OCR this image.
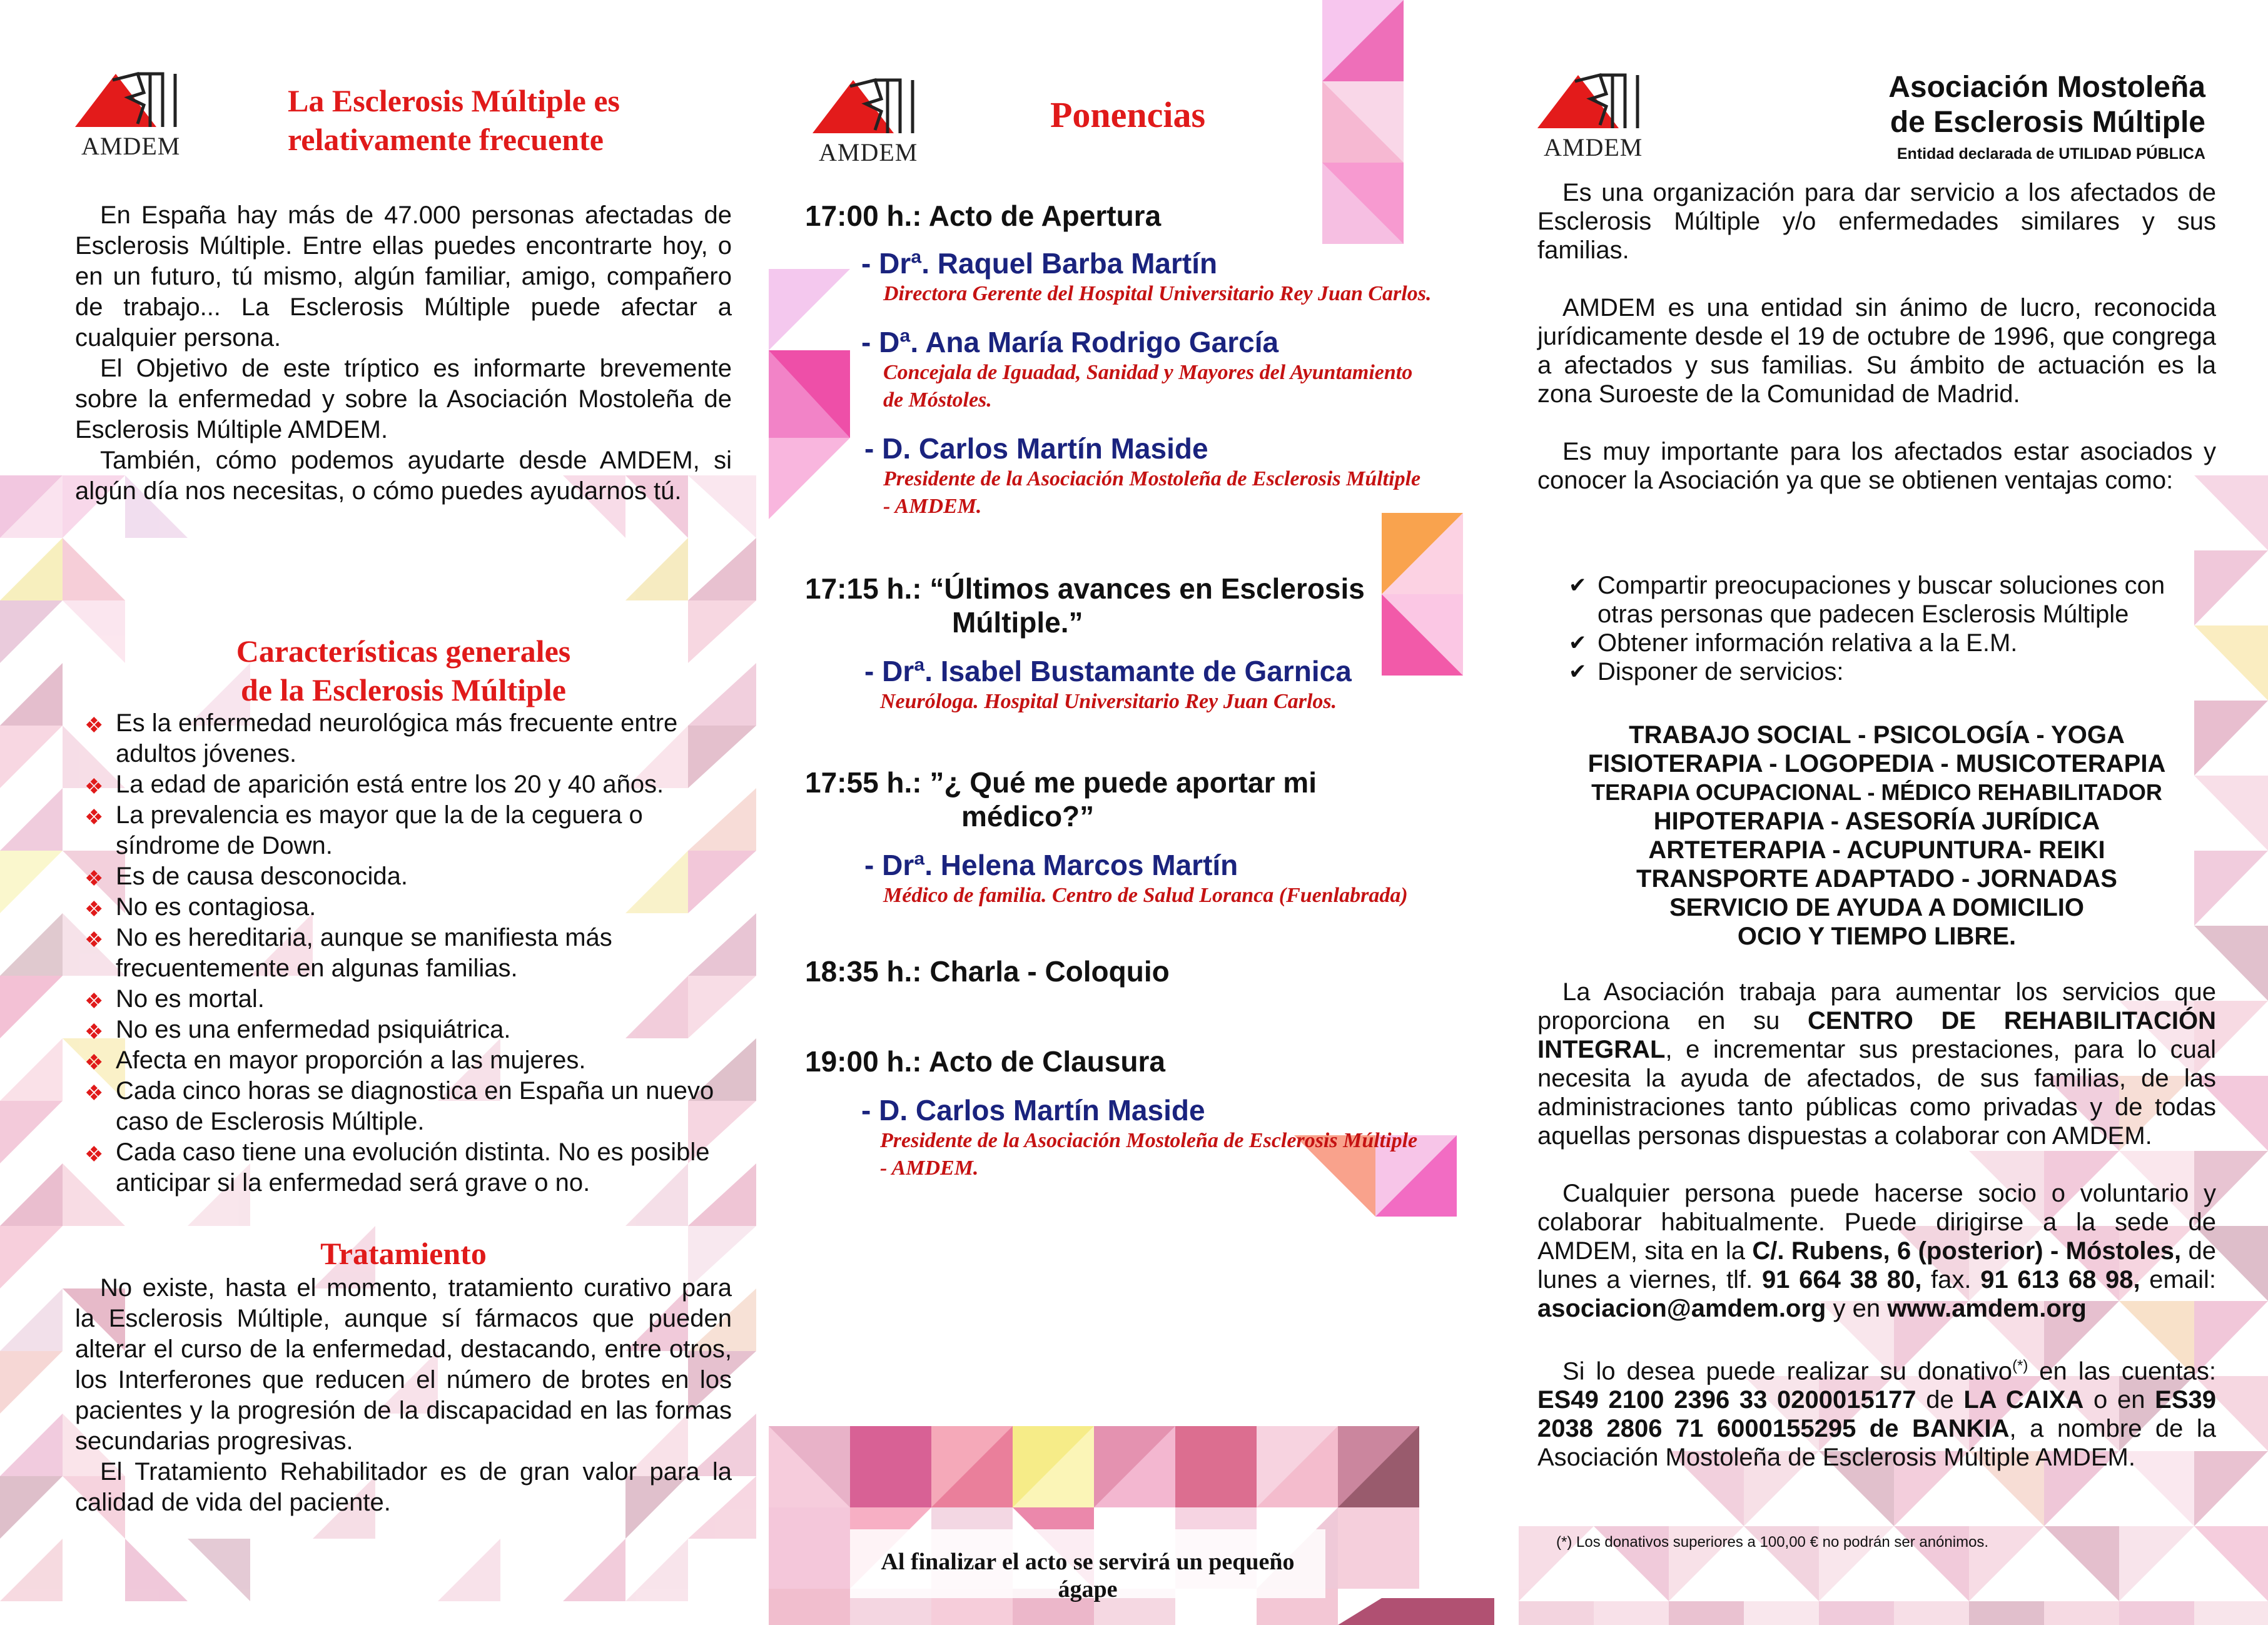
AMDEM
La Esclerosis Múltiple es
relativamente frecuente

En España hay más de 47.000 personas afectadas de Esclerosis Múltiple. Entre ellas puedes encontrarte hoy, o en un futuro, tú mismo, algún familiar, amigo, compañero de trabajo... La Esclerosis Múltiple puede afectar a cualquier persona.

El Objetivo de este tríptico es informarte brevemente sobre la enfermedad y sobre la Asociación Mostoleña de Esclerosis Múltiple AMDEM.

También, cómo podemos ayudarte desde AMDEM, si algún día nos necesitas, o cómo puedes ayudarnos tú.

Características generales
de la Esclerosis Múltiple
❖ Es la enfermedad neurológica más frecuente entre adultos jóvenes.
❖ La edad de aparición está entre los 20 y 40 años.
❖ La prevalencia es mayor que la de la ceguera o síndrome de Down.
❖ Es de causa desconocida.
❖ No es contagiosa.
❖ No es hereditaria, aunque se manifiesta más frecuentemente en algunas familias.
❖ No es mortal.
❖ No es una enfermedad psiquiátrica.
❖ Afecta en mayor proporción a las mujeres.
❖ Cada cinco horas se diagnostica en España un nuevo caso de Esclerosis Múltiple.
❖ Cada caso tiene una evolución distinta. No es posible anticipar si la enfermedad será grave o no.
Tratamiento

No existe, hasta el momento, tratamiento curativo para la Esclerosis Múltiple, aunque sí fármacos que pueden alterar el curso de la enfermedad, destacando, entre otros, los Interferones que reducen el número de brotes en los pacientes y la progresión de la discapacidad en las formas secundarias progresivas.

El Tratamiento Rehabilitador es de gran valor para la calidad de vida del paciente.

AMDEM
Ponencias
17:00 h.: Acto de Apertura
- Drª. Raquel Barba Martín
Directora Gerente del Hospital Universitario Rey Juan Carlos.
- Dª. Ana María Rodrigo García
Concejala de Iguadad, Sanidad y Mayores del Ayuntamiento de Móstoles.
- D. Carlos Martín Maside
Presidente de la Asociación Mostoleña de Esclerosis Múltiple - AMDEM.
17:15 h.: “Últimos avances en Esclerosis
Múltiple.”
- Drª. Isabel Bustamante de Garnica
Neuróloga. Hospital Universitario Rey Juan Carlos.
17:55 h.: ”¿ Qué me puede aportar mi
médico?”
- Drª. Helena Marcos Martín
Médico de familia. Centro de Salud Loranca (Fuenlabrada)
18:35 h.: Charla - Coloquio
19:00 h.: Acto de Clausura
- D. Carlos Martín Maside
Presidente de la Asociación Mostoleña de Esclerosis Múltiple - AMDEM.
Al finalizar el acto se servirá un pequeño ágape
AMDEM
Asociación Mostoleña
de Esclerosis Múltiple
Entidad declarada de UTILIDAD PÚBLICA

Es una organización para dar servicio a los afectados de Esclerosis Múltiple y/o enfermedades similares y sus familias.

AMDEM es una entidad sin ánimo de lucro, reconocida jurídicamente desde el 19 de octubre de 1996, que congrega a afectados y sus familias. Su ámbito de actuación es la zona Suroeste de la Comunidad de Madrid.

Es muy importante para los afectados estar asociados y conocer la Asociación ya que se obtienen ventajas como:

✔ Compartir preocupaciones y buscar soluciones con otras personas que padecen Esclerosis Múltiple
✔ Obtener información relativa a la E.M.
✔ Disponer de servicios:
TRABAJO SOCIAL - PSICOLOGÍA - YOGA
FISIOTERAPIA - LOGOPEDIA - MUSICOTERAPIA
TERAPIA OCUPACIONAL - MÉDICO REHABILITADOR
HIPOTERAPIA - ASESORÍA JURÍDICA
ARTETERAPIA - ACUPUNTURA- REIKI
TRANSPORTE ADAPTADO - JORNADAS
SERVICIO DE AYUDA A DOMICILIO
OCIO Y TIEMPO LIBRE.

La Asociación trabaja para aumentar los servicios que proporciona en su CENTRO DE REHABILITACIÓN INTEGRAL, e incrementar sus prestaciones, para lo cual necesita la ayuda de afectados, de sus familias, de las administraciones tanto públicas como privadas y de todas aquellas personas dispuestas a colaborar con AMDEM.

Cualquier persona puede hacerse socio o voluntario y colaborar habitualmente. Puede dirigirse a la sede de AMDEM, sita en la C/. Rubens, 6 (posterior) - Móstoles, de lunes a viernes, tlf. 91 664 38 80, fax. 91 613 68 98, email: asociacion@amdem.org y en www.amdem.org

Si lo desea puede realizar su donativo(*) en las cuentas: ES49 2100 2396 33 0200015177 de LA CAIXA o en ES39 2038 2806 71 6000155295 de BANKIA, a nombre de la Asociación Mostoleña de Esclerosis Múltiple AMDEM.

(*) Los donativos superiores a 100,00 € no podrán ser anónimos.
